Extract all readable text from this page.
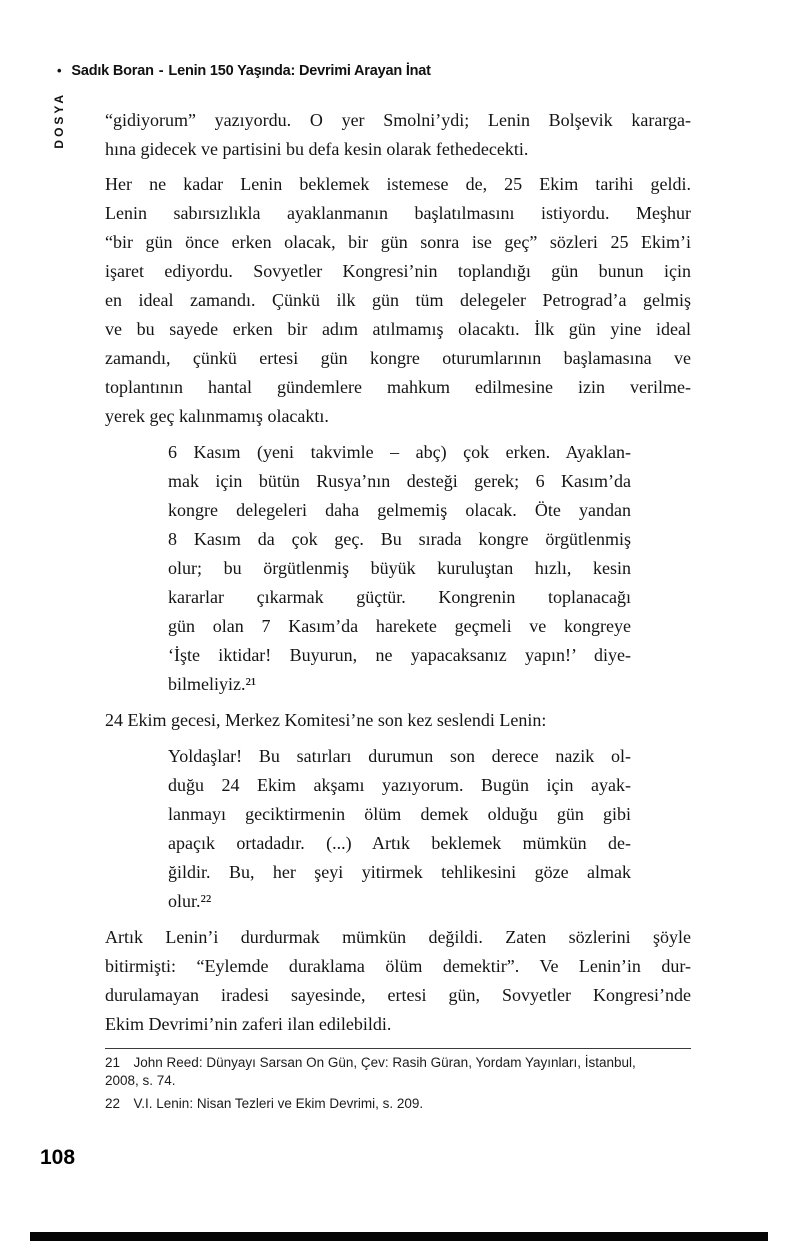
• Sadık Boran - Lenin 150 Yaşında: Devrimi Arayan İnat
DOSYA “gidiyorum” yazıyordu. O yer Smolni’ydi; Lenin Bolşevik kararga-
hına gidecek ve partisini bu defa kesin olarak fethedecekti.
Her ne kadar Lenin beklemek istemese de, 25 Ekim tarihi geldi.
Lenin sabırsızlıkla ayaklanmanın başlatılmasını istiyordu. Meşhur
“bir gün önce erken olacak, bir gün sonra ise geç” sözleri 25 Ekim’i
işaret ediyordu. Sovyetler Kongresi’nin toplandığı gün bunun için
en ideal zamandı. Çünkü ilk gün tüm delegeler Petrograd’a gelmiş
ve bu sayede erken bir adım atılmamış olacaktı. İlk gün yine ideal
zamandı, çünkü ertesi gün kongre oturumlarının başlamasına ve
toplantının hantal gündemlere mahkum edilmesine izin verilme-
yerek geç kalınmamış olacaktı.
6 Kasım (yeni takvimle – abç) çok erken. Ayaklan-
mak için bütün Rusya’nın desteği gerek; 6 Kasım’da
kongre delegeleri daha gelmemiş olacak. Öte yandan
8 Kasım da çok geç. Bu sırada kongre örgütlenmiş
olur; bu örgütlenmiş büyük kuruluştan hızlı, kesin
kararlar çıkarmak güçtür. Kongrenin toplanacağı
gün olan 7 Kasım’da harekete geçmeli ve kongreye
‘İşte iktidar! Buyurun, ne yapacaksanız yapın!’ diye-
bilmeliyiz.²¹
24 Ekim gecesi, Merkez Komitesi’ne son kez seslendi Lenin:
Yoldaşlar! Bu satırları durumun son derece nazik ol-
duğu 24 Ekim akşamı yazıyorum. Bugün için ayak-
lanmayı geciktirmenin ölüm demek olduğu gün gibi
apaçık ortadadır. (...) Artık beklemek mümkün de-
ğildir. Bu, her şeyi yitirmek tehlikesini göze almak
olur.²²
Artık Lenin’i durdurmak mümkün değildi. Zaten sözlerini şöyle
bitirmişti: “Eylemde duraklama ölüm demektir”. Ve Lenin’in dur-
durulamayan iradesi sayesinde, ertesi gün, Sovyetler Kongresi’nde
Ekim Devrimi’nin zaferi ilan edilebildi.
21 John Reed: Dünyayı Sarsan On Gün, Çev: Rasih Güran, Yordam Yayınları, İstanbul,
2008, s. 74.
22 V.I. Lenin: Nisan Tezleri ve Ekim Devrimi, s. 209.
108
